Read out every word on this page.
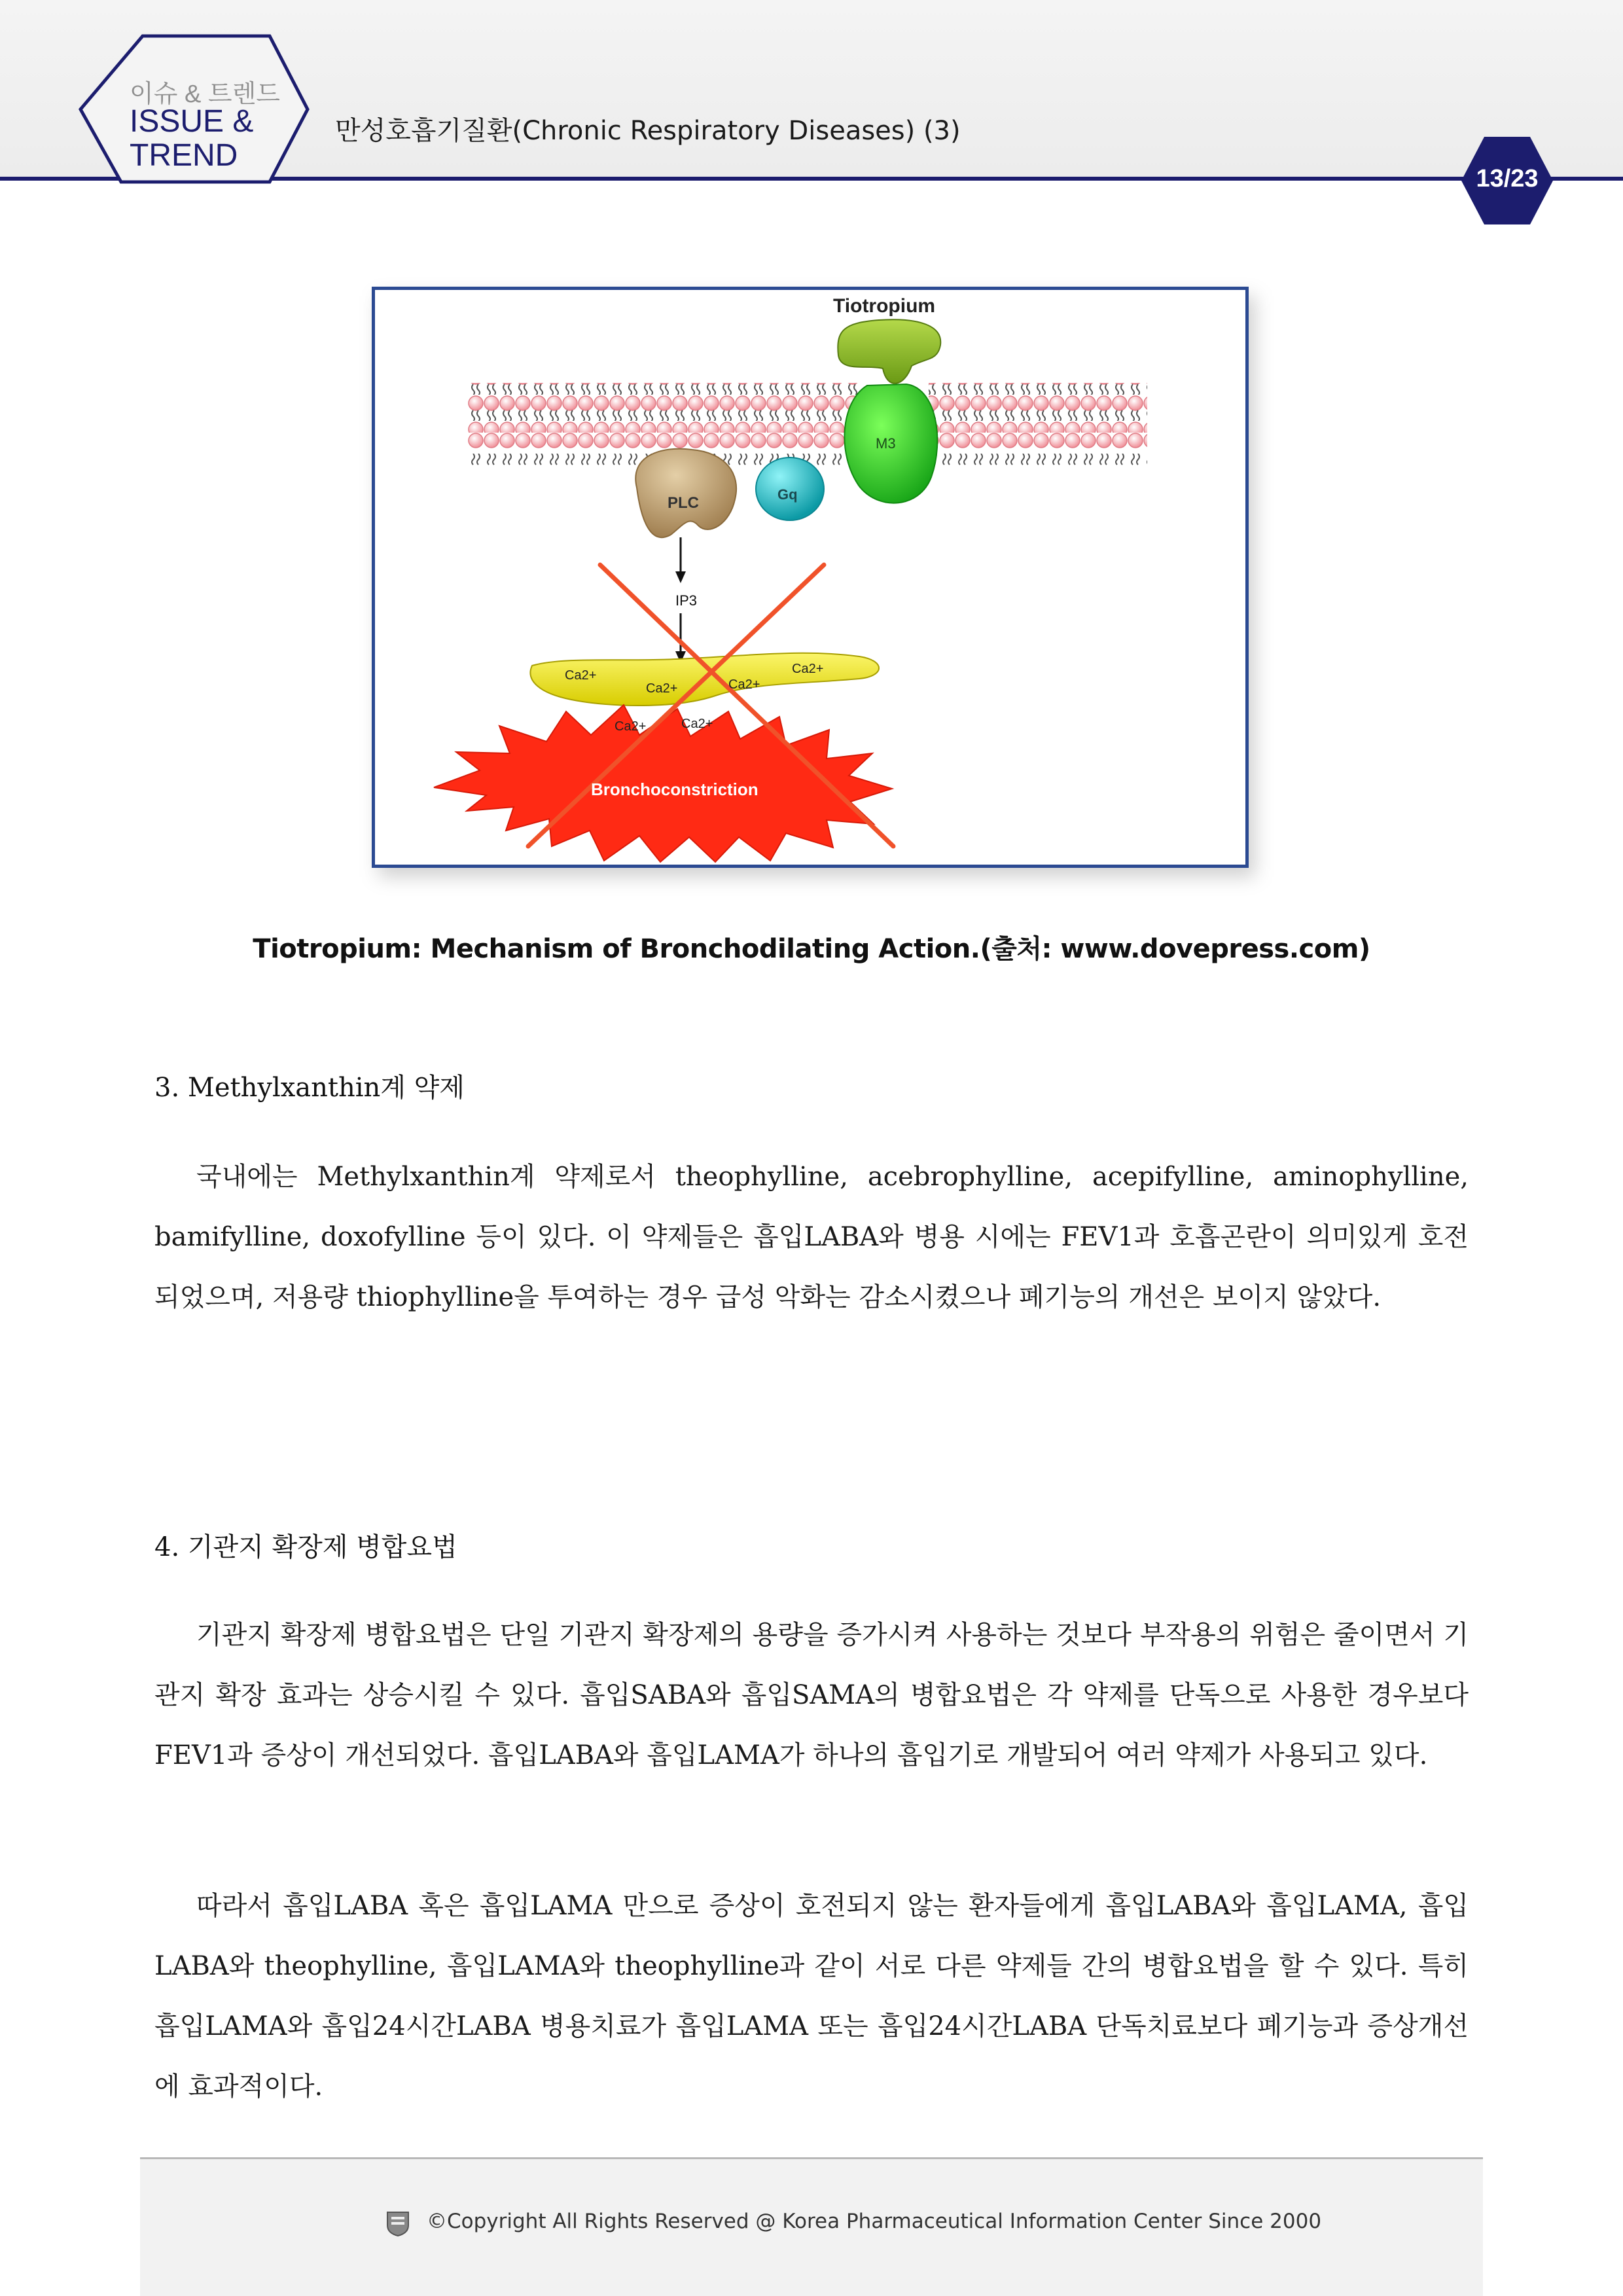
이슈 & 트렌드
ISSUE &
TREND
만성호흡기질환(Chronic Respiratory Diseases) (3)
13/23
Tiotropium
PLC	Gq
M3
IP3
Ca2+
Ca2+	Ca2+
Ca2+
Ca2+	Ca2+
Bronchoconstriction
Tiotropium: Mechanism of Bronchodilating Action.(출처: www.dovepress.com)
3. Methylxanthin계 약제
국내에는 Methylxanthin계 약제로서 theophylline, acebrophylline, acepifylline, aminophylline, bamifylline, doxofylline 등이 있다. 이 약제들은 흡입LABA와 병용 시에는 FEV1과 호흡곤란이 의미있게 호전되었으며, 저용량 thiophylline을 투여하는 경우 급성 악화는 감소시켰으나 폐기능의 개선은 보이지 않았다.
4. 기관지 확장제 병합요법
기관지 확장제 병합요법은 단일 기관지 확장제의 용량을 증가시켜 사용하는 것보다 부작용의 위험은 줄이면서 기관지 확장 효과는 상승시킬 수 있다. 흡입SABA와 흡입SAMA의 병합요법은 각 약제를 단독으로 사용한 경우보다 FEV1과 증상이 개선되었다. 흡입LABA와 흡입LAMA가 하나의 흡입기로 개발되어 여러 약제가 사용되고 있다.
따라서 흡입LABA 혹은 흡입LAMA 만으로 증상이 호전되지 않는 환자들에게 흡입LABA와 흡입LAMA, 흡입LABA와 theophylline, 흡입LAMA와 theophylline과 같이 서로 다른 약제들 간의 병합요법을 할 수 있다. 특히 흡입LAMA와 흡입24시간LABA 병용치료가 흡입LAMA 또는 흡입24시간LABA 단독치료보다 폐기능과 증상개선에 효과적이다.
©Copyright All Rights Reserved @ Korea Pharmaceutical Information Center Since 2000
